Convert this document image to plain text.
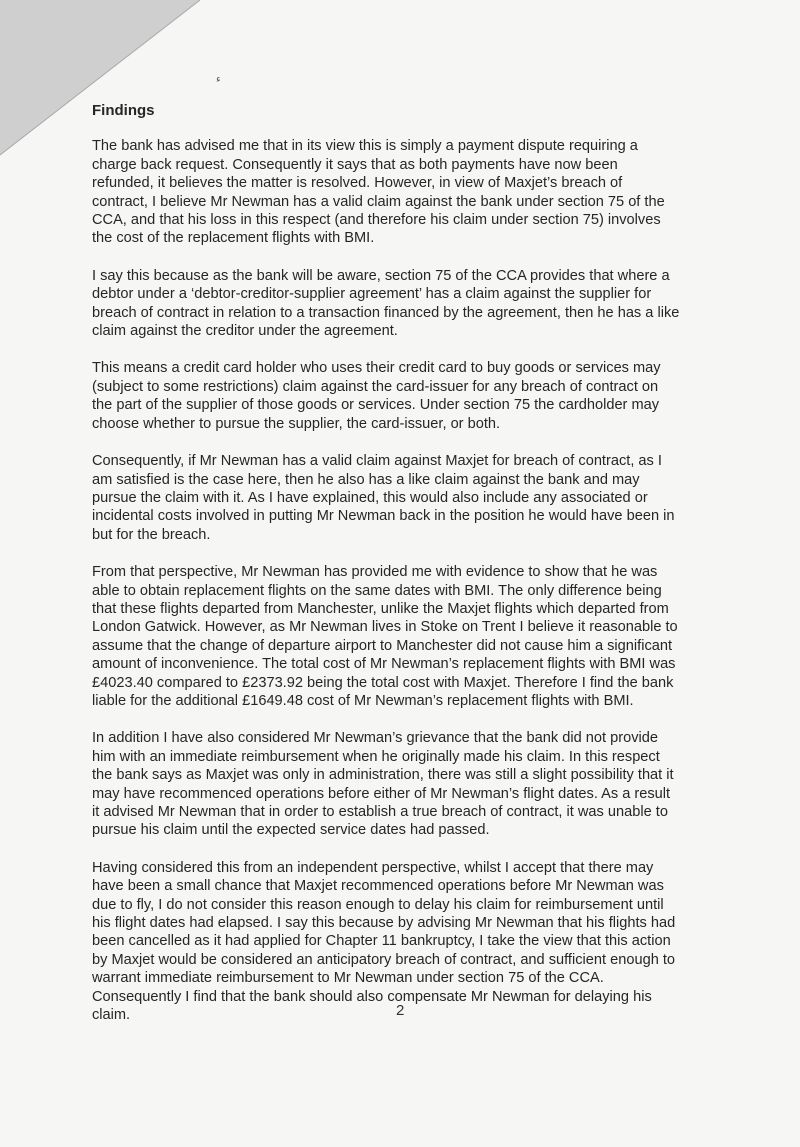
ء
Findings
The bank has advised me that in its view this is simply a payment dispute requiring a
charge back request. Consequently it says that as both payments have now been
refunded, it believes the matter is resolved. However, in view of Maxjet’s breach of
contract, I believe Mr Newman has a valid claim against the bank under section 75 of the
CCA, and that his loss in this respect (and therefore his claim under section 75) involves
the cost of the replacement flights with BMI.
I say this because as the bank will be aware, section 75 of the CCA provides that where a
debtor under a ‘debtor-creditor-supplier agreement’ has a claim against the supplier for
breach of contract in relation to a transaction financed by the agreement, then he has a like
claim against the creditor under the agreement.
This means a credit card holder who uses their credit card to buy goods or services may
(subject to some restrictions) claim against the card-issuer for any breach of contract on
the part of the supplier of those goods or services. Under section 75 the cardholder may
choose whether to pursue the supplier, the card-issuer, or both.
Consequently, if Mr Newman has a valid claim against Maxjet for breach of contract, as I
am satisfied is the case here, then he also has a like claim against the bank and may
pursue the claim with it. As I have explained, this would also include any associated or
incidental costs involved in putting Mr Newman back in the position he would have been in
but for the breach.
From that perspective, Mr Newman has provided me with evidence to show that he was
able to obtain replacement flights on the same dates with BMI. The only difference being
that these flights departed from Manchester, unlike the Maxjet flights which departed from
London Gatwick. However, as Mr Newman lives in Stoke on Trent I believe it reasonable to
assume that the change of departure airport to Manchester did not cause him a significant
amount of inconvenience. The total cost of Mr Newman’s replacement flights with BMI was
£4023.40 compared to £2373.92 being the total cost with Maxjet. Therefore I find the bank
liable for the additional £1649.48 cost of Mr Newman’s replacement flights with BMI.
In addition I have also considered Mr Newman’s grievance that the bank did not provide
him with an immediate reimbursement when he originally made his claim. In this respect
the bank says as Maxjet was only in administration, there was still a slight possibility that it
may have recommenced operations before either of Mr Newman’s flight dates. As a result
it advised Mr Newman that in order to establish a true breach of contract, it was unable to
pursue his claim until the expected service dates had passed.
Having considered this from an independent perspective, whilst I accept that there may
have been a small chance that Maxjet recommenced operations before Mr Newman was
due to fly, I do not consider this reason enough to delay his claim for reimbursement until
his flight dates had elapsed. I say this because by advising Mr Newman that his flights had
been cancelled as it had applied for Chapter 11 bankruptcy, I take the view that this action
by Maxjet would be considered an anticipatory breach of contract, and sufficient enough to
warrant immediate reimbursement to Mr Newman under section 75 of the CCA.
Consequently I find that the bank should also compensate Mr Newman for delaying his
claim.	2
